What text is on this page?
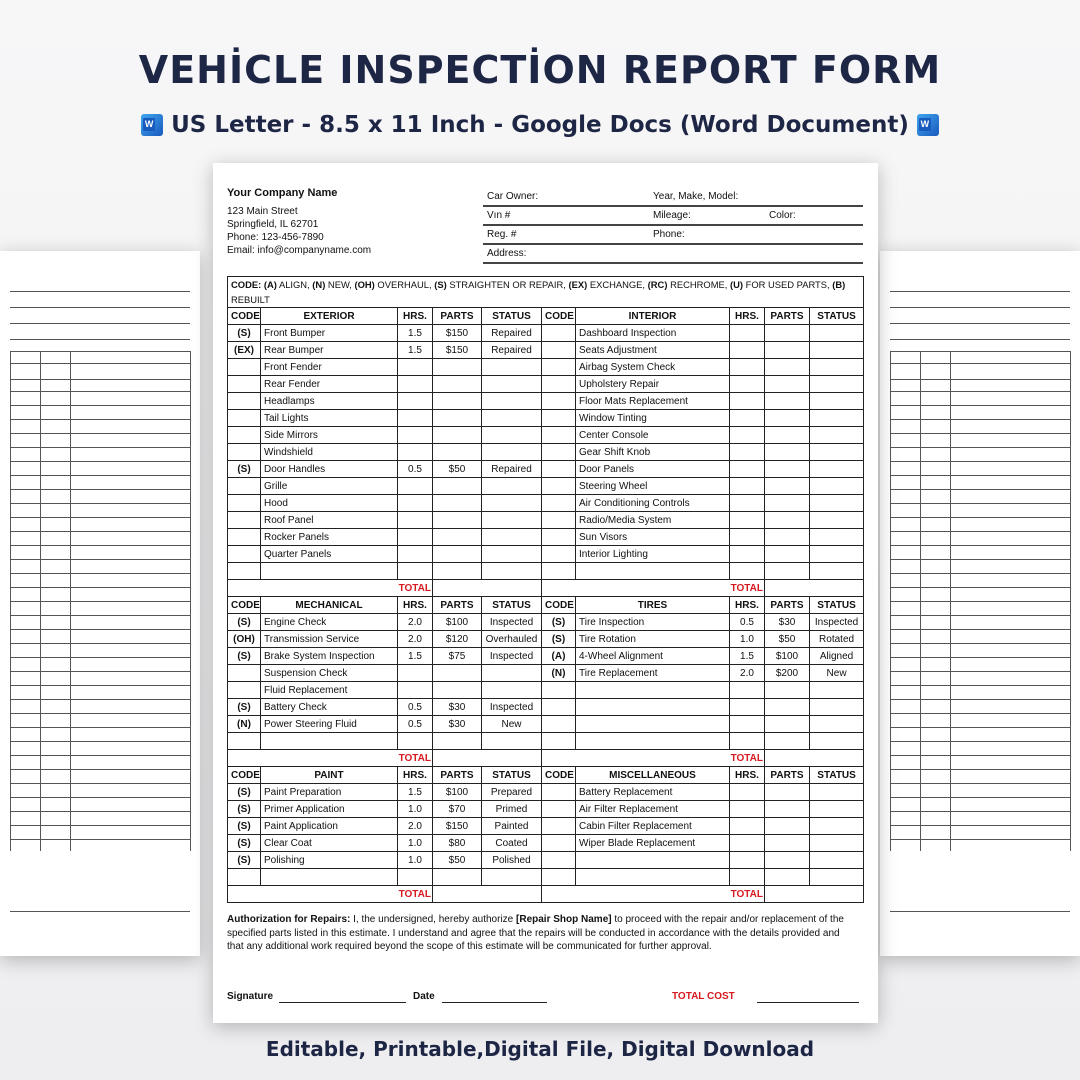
VEHİCLE INSPECTİON REPORT FORM
W US Letter - 8.5 x 11 Inch - Google Docs (Word Document) W
Your Company Name
123 Main Street
Springfield, IL 62701
Phone: 123-456-7890
Email: info@companyname.com
Car Owner:	Year, Make, Model:
Vın #	Mileage:	Color:
Reg. #	Phone:
Address:
CODE: (A) ALIGN, (N) NEW, (OH) OVERHAUL, (S) STRAIGHTEN OR REPAIR, (EX) EXCHANGE, (RC) RECHROME, (U) FOR USED PARTS, (B) REBUILT									
CODE	EXTERIOR	HRS.	PARTS	STATUS	CODE	INTERIOR	HRS.	PARTS	STATUS
(S)	Front Bumper	1.5	$150	Repaired		Dashboard Inspection			
(EX)	Rear Bumper	1.5	$150	Repaired		Seats Adjustment			
	Front Fender					Airbag System Check			
	Rear Fender					Upholstery Repair			
	Headlamps					Floor Mats Replacement			
	Tail Lights					Window Tinting			
	Side Mirrors					Center Console			
	Windshield					Gear Shift Knob			
(S)	Door Handles	0.5	$50	Repaired		Door Panels			
	Grille					Steering Wheel			
	Hood					Air Conditioning Controls			
	Roof Panel					Radio/Media System			
	Rocker Panels					Sun Visors			
	Quarter Panels					Interior Lighting			

TOTAL					TOTAL				
CODE	MECHANICAL	HRS.	PARTS	STATUS	CODE	TIRES	HRS.	PARTS	STATUS
(S)	Engine Check	2.0	$100	Inspected	(S)	Tire Inspection	0.5	$30	Inspected
(OH)	Transmission Service	2.0	$120	Overhauled	(S)	Tire Rotation	1.0	$50	Rotated
(S)	Brake System Inspection	1.5	$75	Inspected	(A)	4-Wheel Alignment	1.5	$100	Aligned
	Suspension Check				(N)	Tire Replacement	2.0	$200	New
	Fluid Replacement								
(S)	Battery Check	0.5	$30	Inspected					
(N)	Power Steering Fluid	0.5	$30	New					

TOTAL					TOTAL				
CODE	PAINT	HRS.	PARTS	STATUS	CODE	MISCELLANEOUS	HRS.	PARTS	STATUS
(S)	Paint Preparation	1.5	$100	Prepared		Battery Replacement			
(S)	Primer Application	1.0	$70	Primed		Air Filter Replacement			
(S)	Paint Application	2.0	$150	Painted		Cabin Filter Replacement			
(S)	Clear Coat	1.0	$80	Coated		Wiper Blade Replacement			
(S)	Polishing	1.0	$50	Polished					

TOTAL					TOTAL				
Authorization for Repairs: I, the undersigned, hereby authorize [Repair Shop Name] to proceed with the repair and/or replacement of the specified parts listed in this estimate. I understand and agree that the repairs will be conducted in accordance with the details provided and that any additional work required beyond the scope of this estimate will be communicated for further approval.
Signature	Date	TOTAL COST
Editable, Printable,Digital File, Digital Download
